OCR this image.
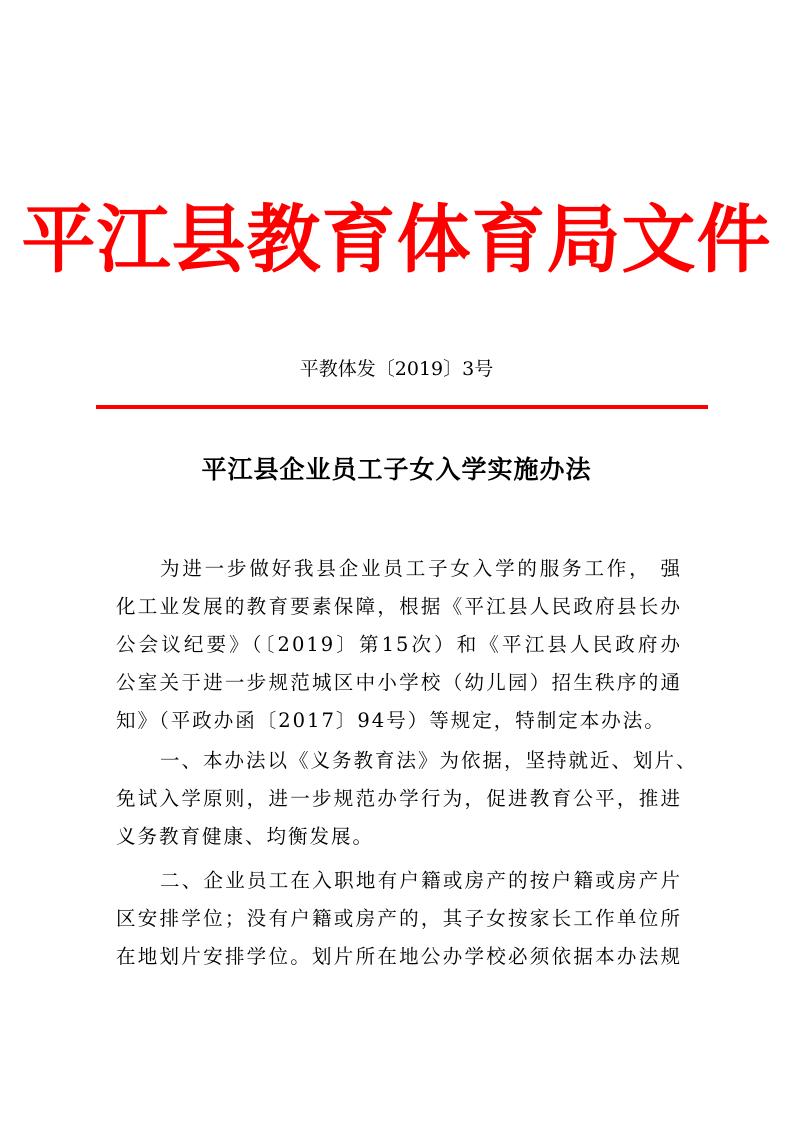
平江县教育体育局文件
平教体发〔2019〕3号
平江县企业员工子女入学实施办法
为进一步做好我县企业员工子女入学的服务工作， 强
化工业发展的教育要素保障，根据《平江县人民政府县长办
公会议纪要》（〔2019〕第15次）和《平江县人民政府办
公室关于进一步规范城区中小学校（幼儿园）招生秩序的通
知》（平政办函〔2017〕94号）等规定，特制定本办法。
一、本办法以《义务教育法》为依据，坚持就近、划片、
免试入学原则，进一步规范办学行为，促进教育公平，推进
义务教育健康、均衡发展。
二、企业员工在入职地有户籍或房产的按户籍或房产片
区安排学位；没有户籍或房产的，其子女按家长工作单位所
在地划片安排学位。划片所在地公办学校必须依据本办法规
